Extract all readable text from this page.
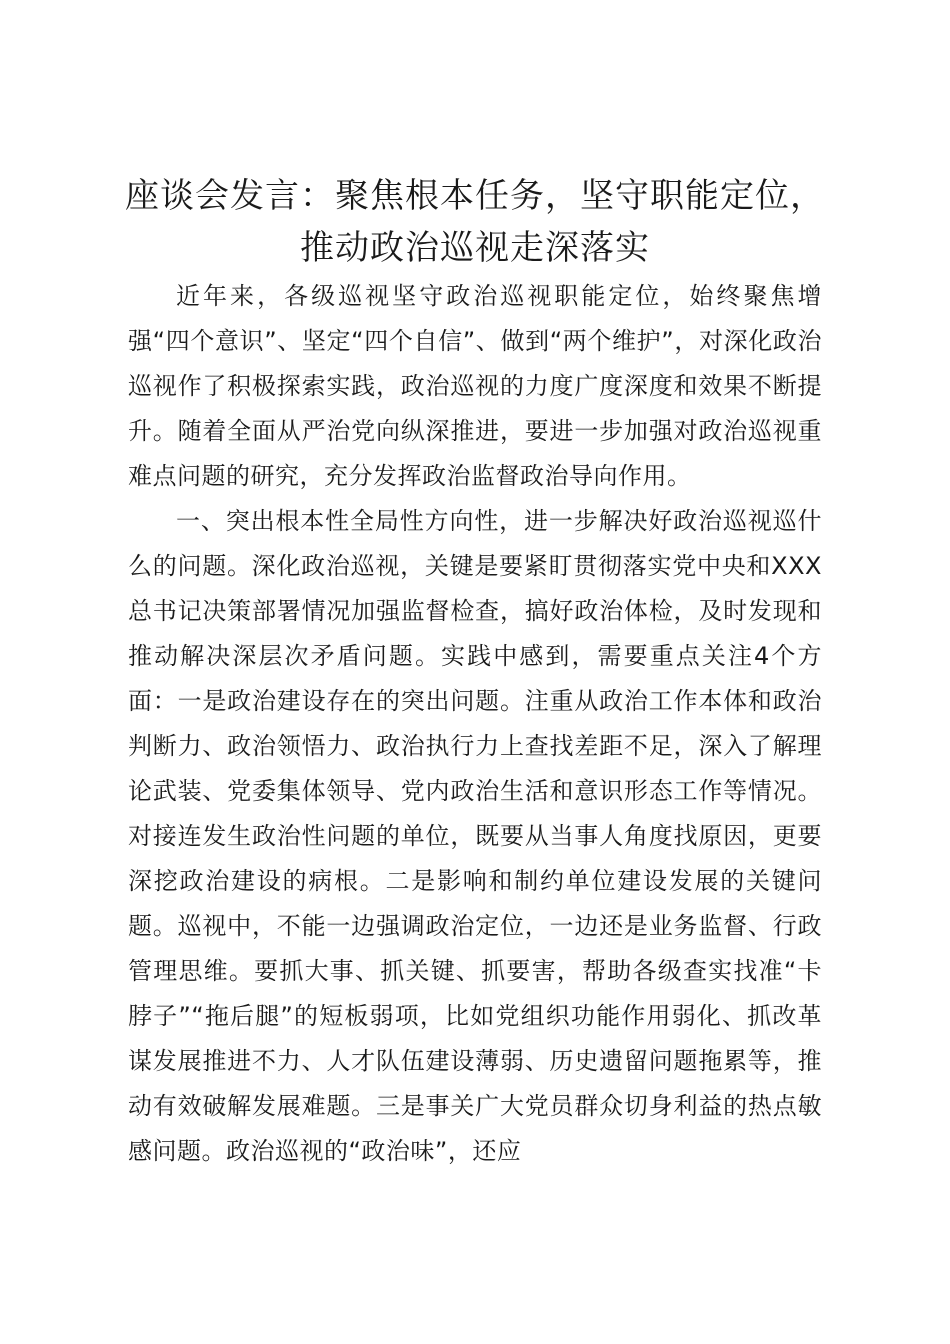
座谈会发言：聚焦根本任务，坚守职能定位，
推动政治巡视走深落实

近年来，各级巡视坚守政治巡视职能定位，始终聚焦增强“四个意识”、坚定“四个自信”、做到“两个维护”，对深化政治巡视作了积极探索实践，政治巡视的力度广度深度和效果不断提升。随着全面从严治党向纵深推进，要进一步加强对政治巡视重难点问题的研究，充分发挥政治监督政治导向作用。

一、突出根本性全局性方向性，进一步解决好政治巡视巡什么的问题。深化政治巡视，关键是要紧盯贯彻落实党中央和XXX总书记决策部署情况加强监督检查，搞好政治体检，及时发现和推动解决深层次矛盾问题。实践中感到，需要重点关注4个方面：一是政治建设存在的突出问题。注重从政治工作本体和政治判断力、政治领悟力、政治执行力上查找差距不足，深入了解理论武装、党委集体领导、党内政治生活和意识形态工作等情况。对接连发生政治性问题的单位，既要从当事人角度找原因，更要深挖政治建设的病根。二是影响和制约单位建设发展的关键问题。巡视中，不能一边强调政治定位，一边还是业务监督、行政管理思维。要抓大事、抓关键、抓要害，帮助各级查实找准“卡脖子”“拖后腿”的短板弱项，比如党组织功能作用弱化、抓改革谋发展推进不力、人才队伍建设薄弱、历史遗留问题拖累等，推动有效破解发展难题。三是事关广大党员群众切身利益的热点敏感问题。政治巡视的“政治味”，还应
